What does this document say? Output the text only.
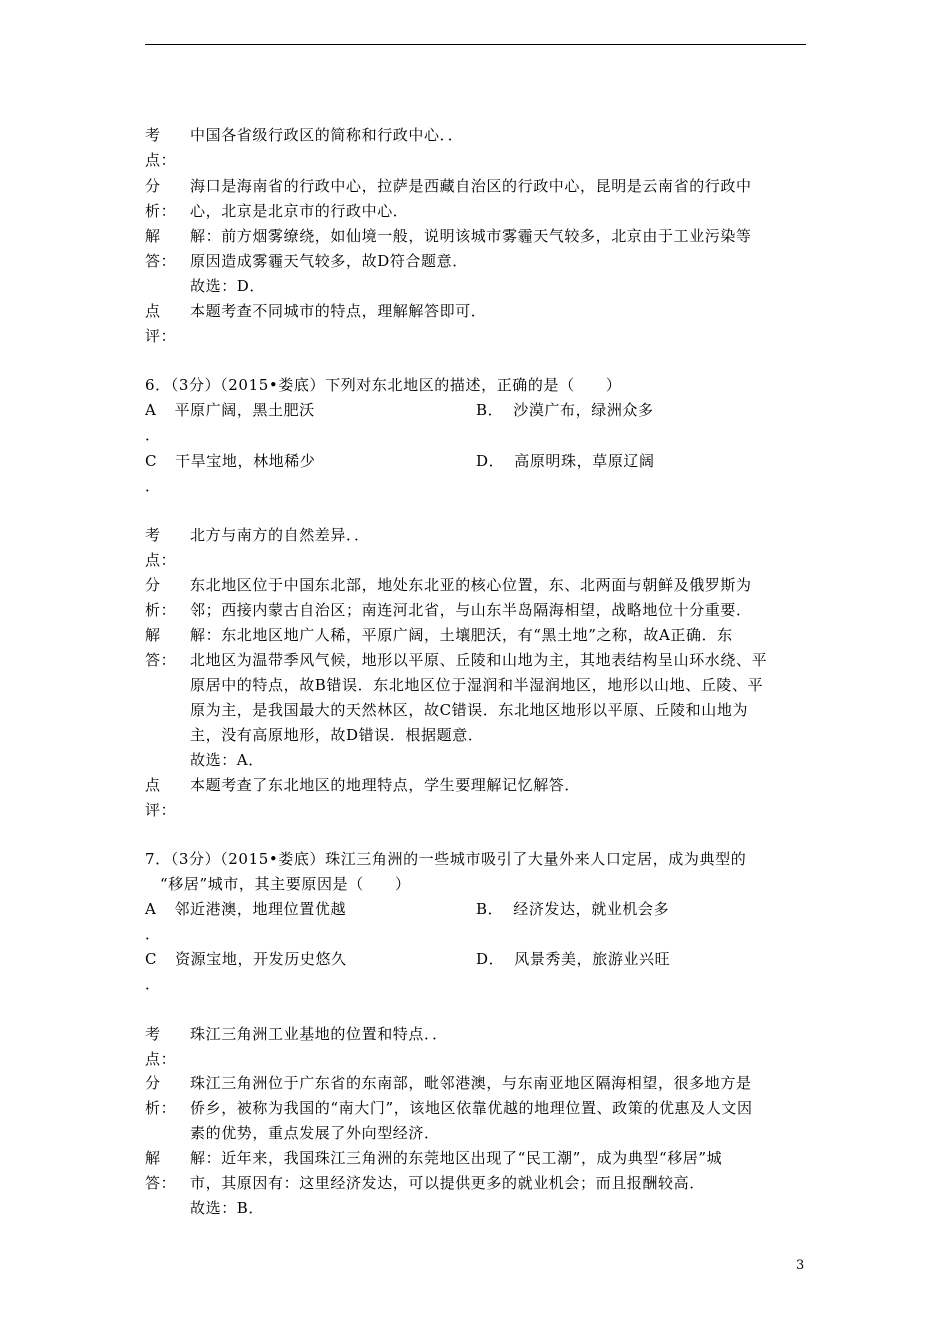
考
点：
中国各省级行政区的简称和行政中心．．
分
析：
海口是海南省的行政中心，拉萨是西藏自治区的行政中心，昆明是云南省的行政中
心，北京是北京市的行政中心．
解
答：
解：前方烟雾缭绕，如仙境一般，说明该城市雾霾天气较多，北京由于工业污染等
原因造成雾霾天气较多，故D符合题意．
故选：D．
点
评：
本题考查不同城市的特点，理解解答即可．
6．（3分）（2015•娄底）下列对东北地区的描述，正确的是（　　）
A 平原广阔，黑土肥沃
．
B． 沙漠广布，绿洲众多
C 干旱宝地，林地稀少
．
D． 高原明珠，草原辽阔
考
点：
北方与南方的自然差异．．
分
析：
东北地区位于中国东北部，地处东北亚的核心位置，东、北两面与朝鲜及俄罗斯为
邻；西接内蒙古自治区；南连河北省，与山东半岛隔海相望，战略地位十分重要．
解
答：
解：东北地区地广人稀，平原广阔，土壤肥沃，有“黑土地”之称，故A正确．东
北地区为温带季风气候，地形以平原、丘陵和山地为主，其地表结构呈山环水绕、平
原居中的特点，故B错误．东北地区位于湿润和半湿润地区，地形以山地、丘陵、平
原为主，是我国最大的天然林区，故C错误．东北地区地形以平原、丘陵和山地为
主，没有高原地形，故D错误．根据题意．
故选：A．
点
评：
本题考查了东北地区的地理特点，学生要理解记忆解答．
7．（3分）（2015•娄底）珠江三角洲的一些城市吸引了大量外来人口定居，成为典型的
“移居”城市，其主要原因是（　　）
A 邻近港澳，地理位置优越
．
B． 经济发达，就业机会多
C 资源宝地，开发历史悠久
．
D． 风景秀美，旅游业兴旺
考
点：
珠江三角洲工业基地的位置和特点．．
分
析：
珠江三角洲位于广东省的东南部，毗邻港澳，与东南亚地区隔海相望，很多地方是
侨乡，被称为我国的“南大门”，该地区依靠优越的地理位置、政策的优惠及人文因
素的优势，重点发展了外向型经济．
解
答：
解：近年来，我国珠江三角洲的东莞地区出现了“民工潮”，成为典型“移居”城
市，其原因有：这里经济发达，可以提供更多的就业机会；而且报酬较高．
故选：B．
3
